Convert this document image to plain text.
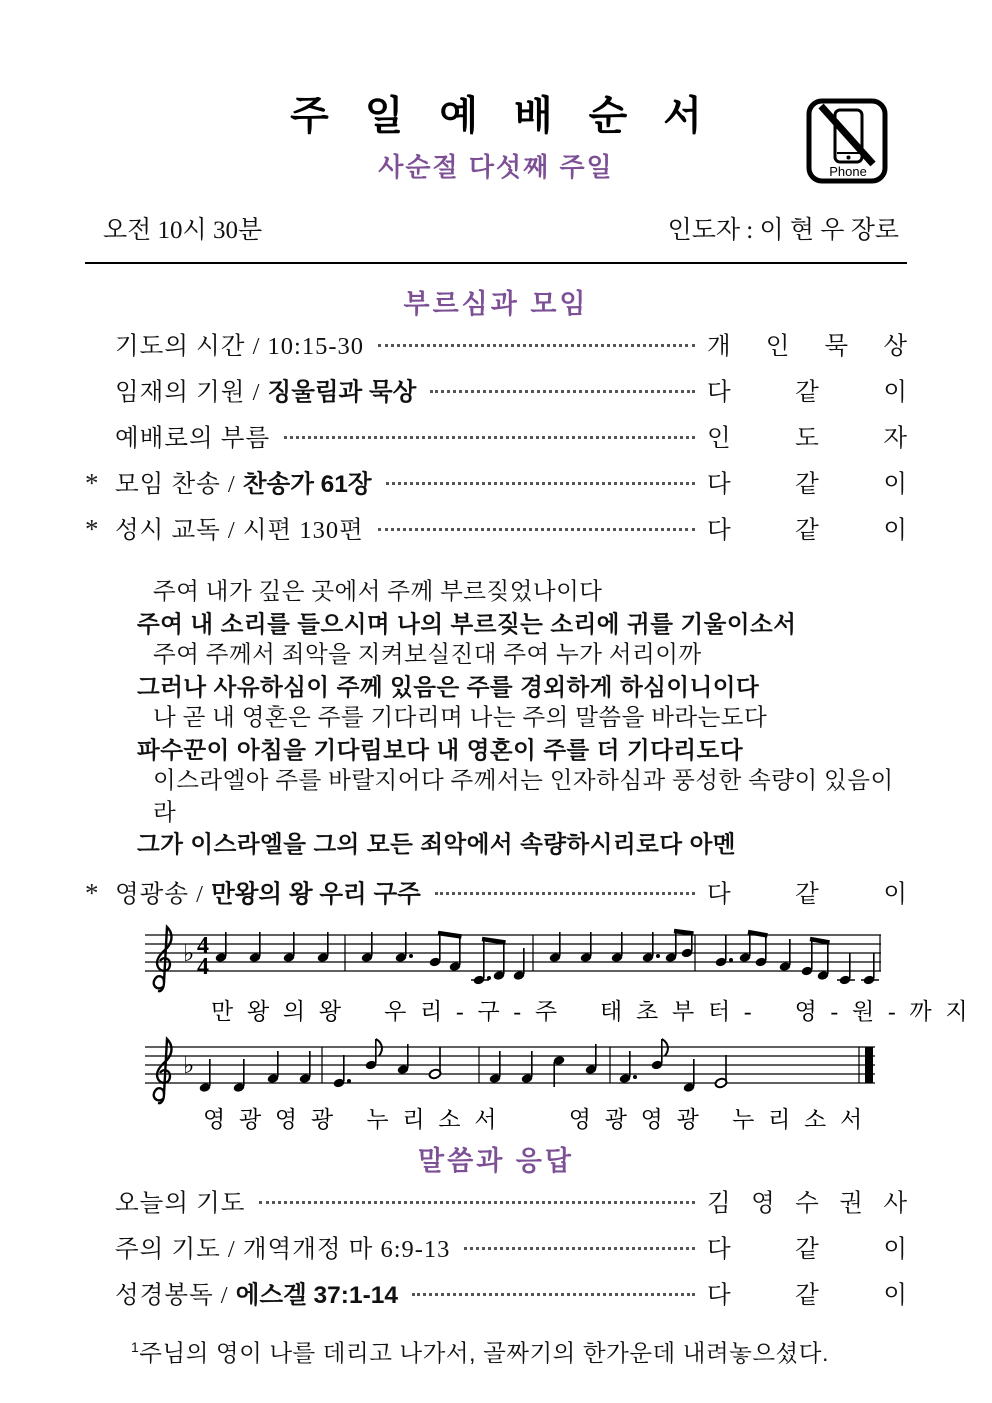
Phone
주 일 예 배 순 서
사순절 다섯째 주일
오전 10시 30분	인도자 : 이 현 우 장로
부르심과 모임
기도의 시간 / 10:15-30	개 인 묵 상
임재의 기원 / 징울림과 묵상	다 같 이
예배로의 부름	인 도 자
* 모임 찬송 / 찬송가 61장	다 같 이
* 성시 교독 / 시편 130편	다 같 이
주여 내가 깊은 곳에서 주께 부르짖었나이다
주여 내 소리를 들으시며 나의 부르짖는 소리에 귀를 기울이소서
주여 주께서 죄악을 지켜보실진대 주여 누가 서리이까
그러나 사유하심이 주께 있음은 주를 경외하게 하심이니이다
나 곧 내 영혼은 주를 기다리며 나는 주의 말씀을 바라는도다
파수꾼이 아침을 기다림보다 내 영혼이 주를 더 기다리도다
이스라엘아 주를 바랄지어다 주께서는 인자하심과 풍성한 속량이 있음이라
그가 이스라엘을 그의 모든 죄악에서 속량하시리로다 아멘
* 영광송 / 만왕의 왕 우리 구주	다 같 이
♭ 4
4
만 왕 의 왕    우 리 - 구 - 주    태 초 부 터 -    영 - 원 - 까 지
♭
영 광 영 광   누 리 소 서       영 광 영 광   누 리 소 서
말씀과 응답
오늘의 기도	김 영 수 권 사
주의 기도 / 개역개정 마 6:9-13	다 같 이
성경봉독 / 에스겔 37:1-14	다 같 이
$^1$주님의 영이 나를 데리고 나가서, 골짜기의 한가운데 내려놓으셨다.
